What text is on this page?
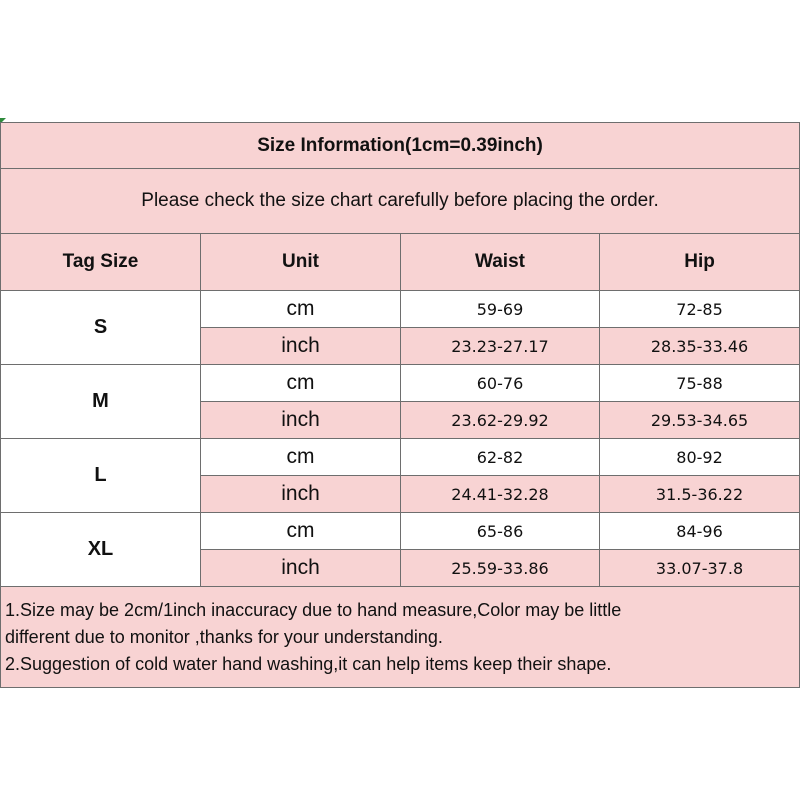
Size Information(1cm=0.39inch)			
Please check the size chart carefully before placing the order.			
Tag Size	Unit	Waist	Hip
S	cm	59-69	72-85
	inch	23.23-27.17	28.35-33.46
M	cm	60-76	75-88
	inch	23.62-29.92	29.53-34.65
L	cm	62-82	80-92
	inch	24.41-32.28	31.5-36.22
XL	cm	65-86	84-96
	inch	25.59-33.86	33.07-37.8

1.Size may be 2cm/1inch inaccuracy due to hand measure,Color may be little
different due to monitor ,thanks for your understanding.
2.Suggestion of cold water hand washing,it can help items keep their shape.			
